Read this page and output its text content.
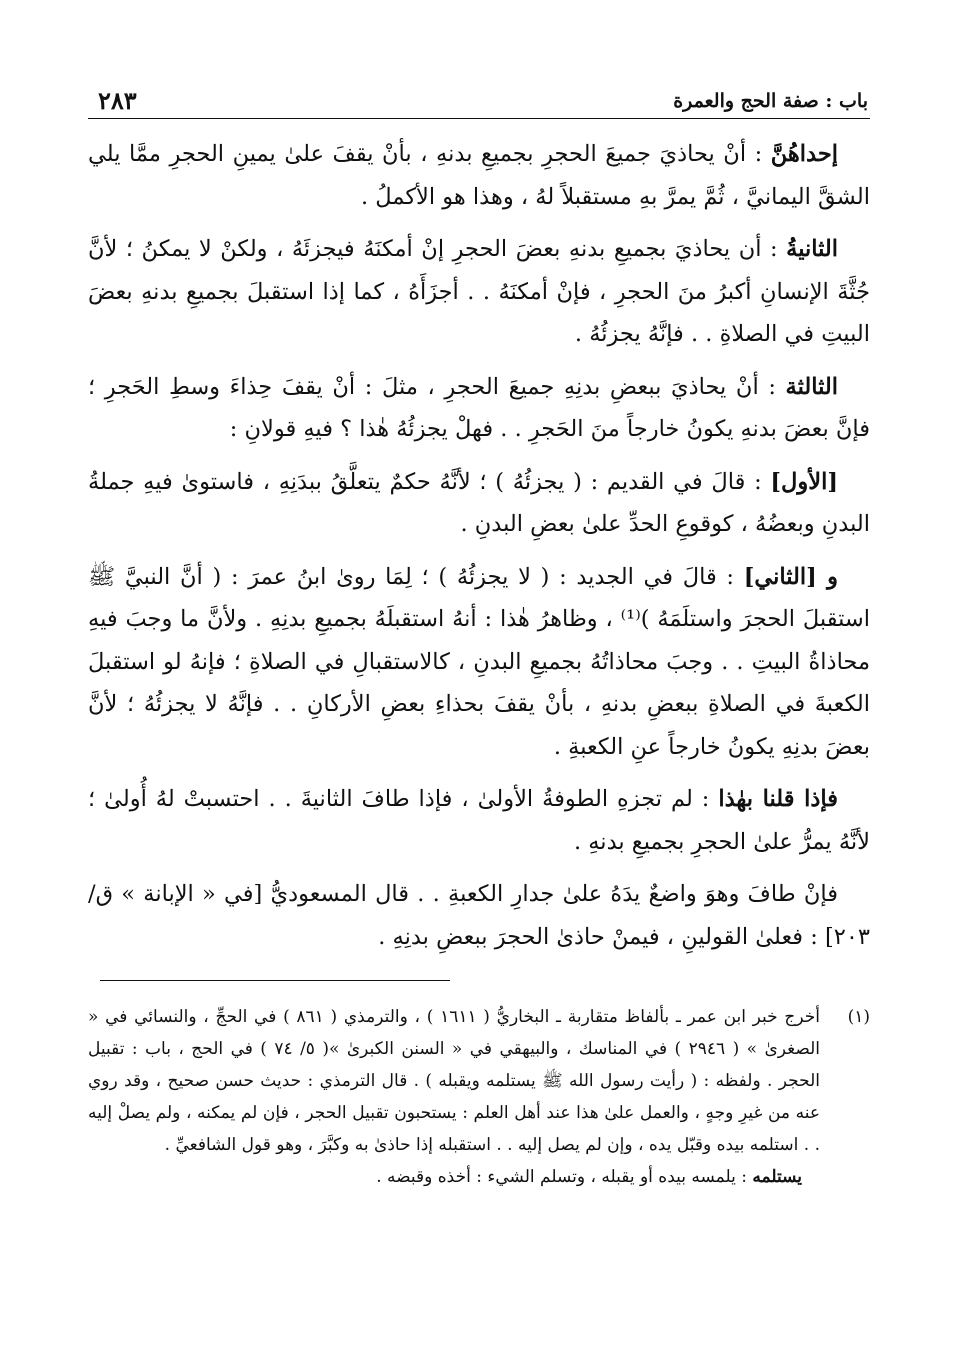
باب : صفة الحج والعمرة
٢٨٣

إحداهُنَّ : أنْ يحاذيَ جميعَ الحجرِ بجميعِ بدنهِ ، بأنْ يقفَ علىٰ يمينِ الحجرِ ممَّا يلي الشقَّ اليمانيَّ ، ثُمَّ يمرَّ بهِ مستقبلاً لهُ ، وهذا هو الأكملُ .

الثانيةُ : أن يحاذيَ بجميعِ بدنهِ بعضَ الحجرِ إنْ أمكنَهُ فيجزئَهُ ، ولكنْ لا يمكنُ ؛ لأنَّ جُثَّةَ الإنسانِ أكبرُ منَ الحجرِ ، فإنْ أمكنَهُ . . أجزَأَهُ ، كما إذا استقبلَ بجميعِ بدنهِ بعضَ البيتِ في الصلاةِ . . فإنَّهُ يجزئُهُ .

الثالثة : أنْ يحاذيَ ببعضِ بدنِهِ جميعَ الحجرِ ، مثلَ : أنْ يقفَ حِذاءَ وسطِ الحَجرِ ؛ فإنَّ بعضَ بدنهِ يكونُ خارجاً منَ الحَجرِ . . فهلْ يجزئُهُ هٰذا ؟ فيهِ قولانِ :

[الأول] : قالَ في القديم : ( يجزئُهُ ) ؛ لأنَّهُ حكمٌ يتعلَّقُ ببدَنِهِ ، فاستوىٰ فيهِ جملةُ البدنِ وبعضُهُ ، كوقوعِ الحدِّ علىٰ بعضِ البدنِ .

و [الثاني] : قالَ في الجديد : ( لا يجزئُهُ ) ؛ لِمَا روىٰ ابنُ عمرَ : ( أنَّ النبيَّ ﷺ استقبلَ الحجرَ واستلَمَهُ )⁽¹⁾ ، وظاهرُ هٰذا : أنهُ استقبلَهُ بجميعِ بدنِهِ . ولأنَّ ما وجبَ فيهِ محاذاةُ البيتِ . . وجبَ محاذاتُهُ بجميعِ البدنِ ، كالاستقبالِ في الصلاةِ ؛ فإنهُ لو استقبلَ الكعبةَ في الصلاةِ ببعضِ بدنهِ ، بأنْ يقفَ بحذاءِ بعضِ الأركانِ . . فإنَّهُ لا يجزئُهُ ؛ لأنَّ بعضَ بدنِهِ يكونُ خارجاً عنِ الكعبةِ .

فإذا قلنا بهٰذا : لم تجزهِ الطوفةُ الأولىٰ ، فإذا طافَ الثانيةَ . . احتسبتْ لهُ أُولىٰ ؛ لأنَّهُ يمرُّ علىٰ الحجرِ بجميعِ بدنهِ .

فإنْ طافَ وهوَ واضعٌ يدَهُ علىٰ جدارِ الكعبةِ . . قال المسعوديُّ [في « الإبانة » ق/٢٠٣] : فعلىٰ القولينِ ، فيمنْ حاذىٰ الحجرَ ببعضِ بدنِهِ .

(١)

أخرج خبر ابن عمر ـ بألفاظ متقاربة ـ البخاريُّ ( ١٦١١ ) ، والترمذي ( ٨٦١ ) في الحجِّ ، والنسائي في « الصغرىٰ » ( ٢٩٤٦ ) في المناسك ، والبيهقي في « السنن الكبرىٰ »( ٥/ ٧٤ ) في الحج ، باب : تقبيل الحجر . ولفظه : ( رأيت رسول الله ﷺ يستلمه ويقبله ) . قال الترمذي : حديث حسن صحيح ، وقد روي عنه من غيرِ وجهٍ ، والعمل علىٰ هذا عند أهل العلم : يستحبون تقبيل الحجر ، فإن لم يمكنه ، ولم يصلْ إليه . . استلمه بيده وقبّل يده ، وإن لم يصل إليه . . استقبله إذا حاذىٰ به وكبَّرَ ، وهو قول الشافعيِّ .

يستلمه : يلمسه بيده أو يقبله ، وتسلم الشيء : أخذه وقبضه .
